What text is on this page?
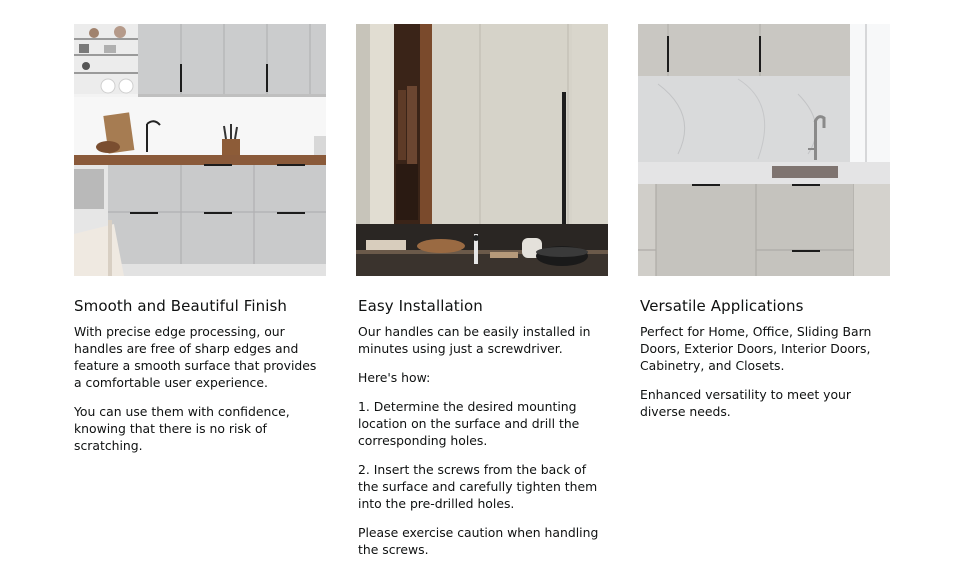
Smooth and Beautiful Finish

With precise edge processing, our handles are free of sharp edges and feature a smooth surface that provides a comfortable user experience.

You can use them with confidence, knowing that there is no risk of scratching.

Easy Installation

Our handles can be easily installed in minutes using just a screwdriver.

Here's how:

1. Determine the desired mounting location on the surface and drill the corresponding holes.

2. Insert the screws from the back of the surface and carefully tighten them into the pre-drilled holes.

Please exercise caution when handling the screws.

Versatile Applications

Perfect for Home, Office, Sliding Barn Doors, Exterior Doors, Interior Doors, Cabinetry, and Closets.

Enhanced versatility to meet your diverse needs.
